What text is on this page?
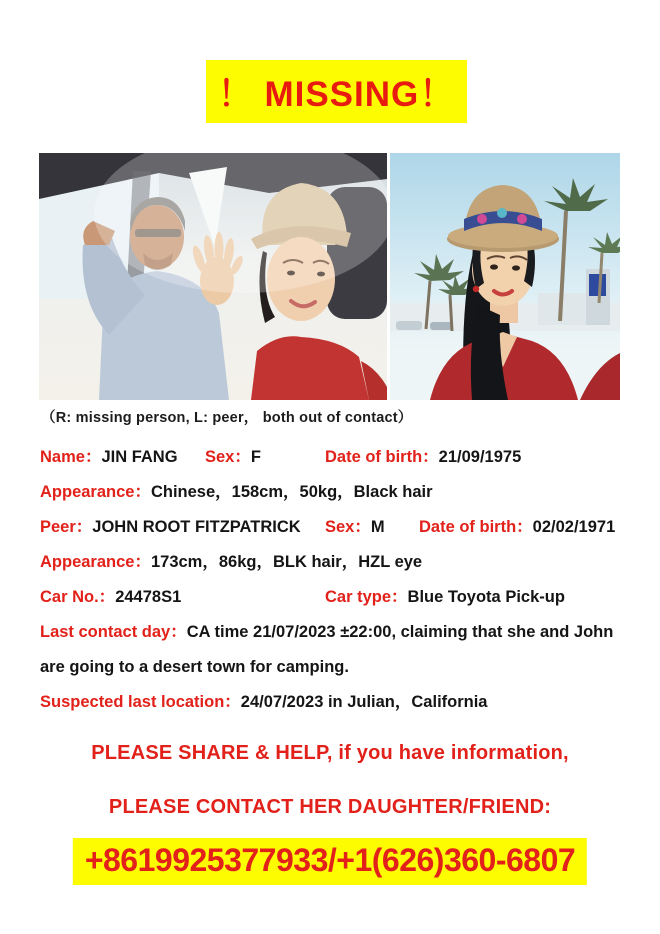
！ MISSING！
（R: missing person, L: peer， both out of contact）
Name：JIN FANG Sex：F	Date of birth：21/09/1975
Appearance：Chinese，158cm，50kg，Black hair
Peer：JOHN ROOT FITZPATRICK Sex：M Date of birth：02/02/1971
Appearance：173cm，86kg，BLK hair，HZL eye
Car No.：24478S1	Car type：Blue Toyota Pick-up
Last contact day：CA time 21/07/2023 ±22:00, claiming that she and John are going to a desert town for camping.
Suspected last location：24/07/2023 in Julian，California
PLEASE SHARE & HELP, if you have information,
PLEASE CONTACT HER DAUGHTER/FRIEND:
+8619925377933/+1(626)360-6807
